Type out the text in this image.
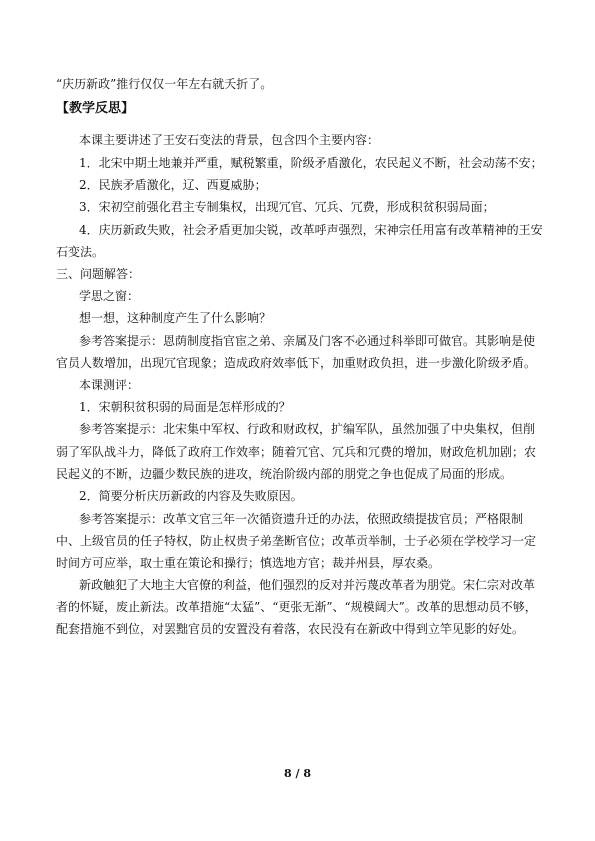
“庆历新政”推行仅仅一年左右就夭折了。
【教学反思】
本课主要讲述了王安石变法的背景，包含四个主要内容：
1．北宋中期土地兼并严重，赋税繁重，阶级矛盾激化，农民起义不断，社会动荡不安；
2．民族矛盾激化，辽、西夏威胁；
3．宋初空前强化君主专制集权，出现冗官、冗兵、冗费，形成积贫积弱局面；
4．庆历新政失败，社会矛盾更加尖锐，改革呼声强烈，宋神宗任用富有改革精神的王安
石变法。
三、问题解答：
学思之窗：
想一想，这种制度产生了什么影响？
参考答案提示：恩荫制度指官宦之弟、亲属及门客不必通过科举即可做官。其影响是使
官员人数增加，出现冗官现象；造成政府效率低下，加重财政负担，进一步激化阶级矛盾。
本课测评：
1．宋朝积贫积弱的局面是怎样形成的？
参考答案提示：北宋集中军权、行政和财政权，扩编军队，虽然加强了中央集权，但削
弱了军队战斗力，降低了政府工作效率；随着冗官、冗兵和冗费的增加，财政危机加剧；农
民起义的不断，边疆少数民族的进攻，统治阶级内部的朋党之争也促成了局面的形成。
2．简要分析庆历新政的内容及失败原因。
参考答案提示：改革文官三年一次循资遗升迁的办法，依照政绩提拔官员；严格限制
中、上级官员的任子特权，防止权贵子弟垄断官位；改革贡举制，士子必须在学校学习一定
时间方可应举，取士重在策论和操行；慎选地方官；裁并州县，厚农桑。
新政触犯了大地主大官僚的利益，他们强烈的反对并污蔑改革者为朋党。宋仁宗对改革
者的怀疑，废止新法。改革措施“太猛”、“更张无渐”、“规模阔大”。改革的思想动员不够，
配套措施不到位，对罢黜官员的安置没有着落，农民没有在新政中得到立竿见影的好处。
8 / 8
